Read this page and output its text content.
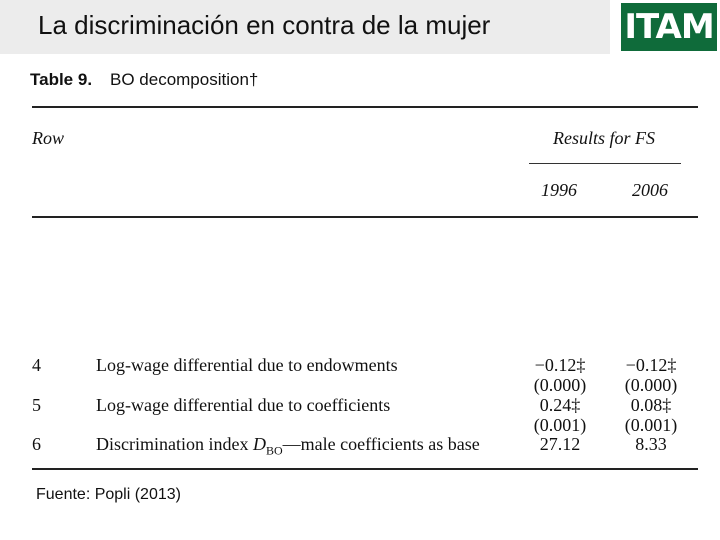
La discriminación en contra de la mujer	ITAM
Table 9. BO decomposition†
Row	Results for FS
1996	2006
4	Log-wage differential due to endowments	−0.12‡	−0.12‡
(0.000)	(0.000)
5	Log-wage differential due to coefficients	0.24‡	0.08‡
(0.001)	(0.001)
6	Discrimination index $D_{BO}—male$ coefficients as base	27.12	8.33
Fuente: Popli (2013)
